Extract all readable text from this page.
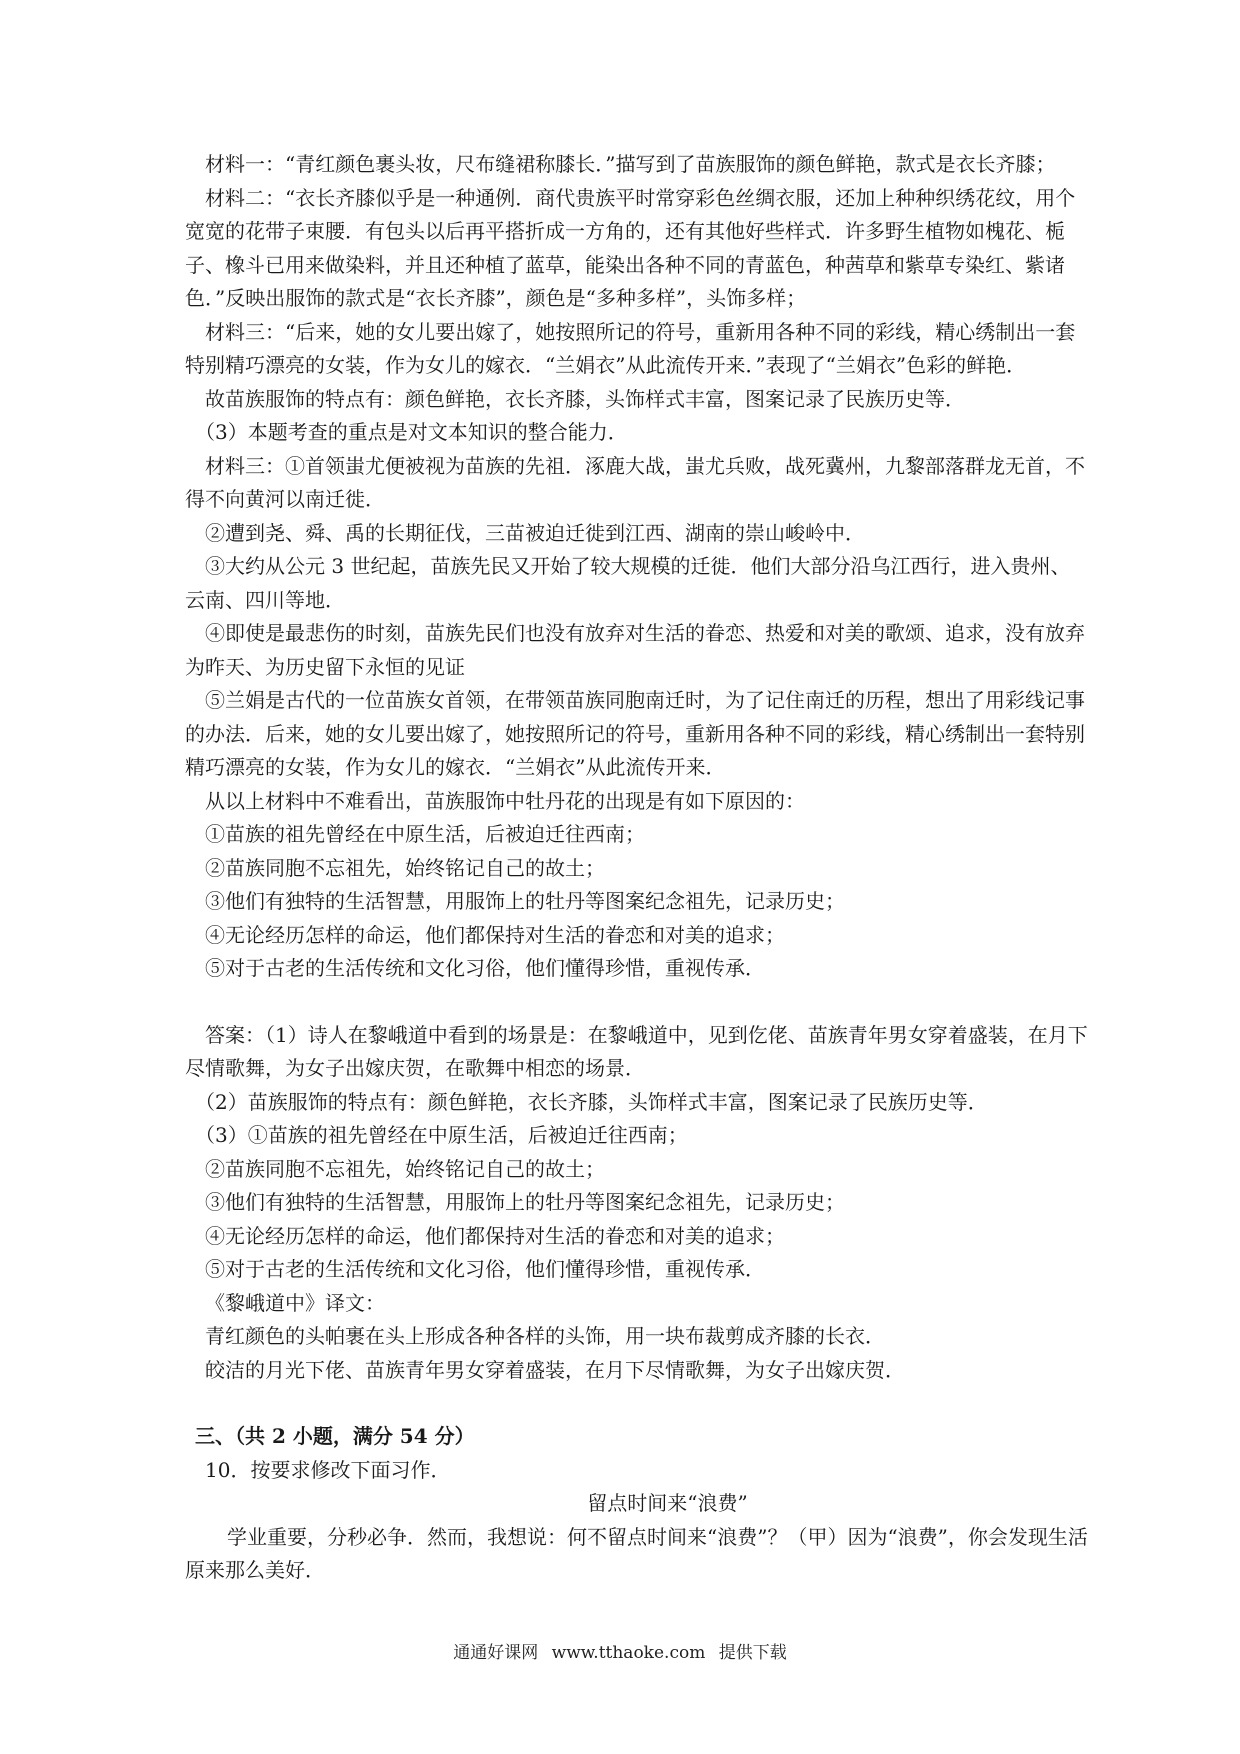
材料一：“青红颜色裹头妆，尺布缝裙称膝长．”描写到了苗族服饰的颜色鲜艳，款式是衣长齐膝；

材料二：“衣长齐膝似乎是一种通例．商代贵族平时常穿彩色丝绸衣服，还加上种种织绣花纹，用个宽宽的花带子束腰．有包头以后再平搭折成一方角的，还有其他好些样式．许多野生植物如槐花、栀子、橡斗已用来做染料，并且还种植了蓝草，能染出各种不同的青蓝色，种茜草和紫草专染红、紫诸色．”反映出服饰的款式是“衣长齐膝”，颜色是“多种多样”，头饰多样；

材料三：“后来，她的女儿要出嫁了，她按照所记的符号，重新用各种不同的彩线，精心绣制出一套特别精巧漂亮的女装，作为女儿的嫁衣．“兰娟衣”从此流传开来．”表现了“兰娟衣”色彩的鲜艳．

故苗族服饰的特点有：颜色鲜艳，衣长齐膝，头饰样式丰富，图案记录了民族历史等．

（3）本题考查的重点是对文本知识的整合能力．

材料三：①首领蚩尤便被视为苗族的先祖．涿鹿大战，蚩尤兵败，战死冀州，九黎部落群龙无首，不得不向黄河以南迁徙．

②遭到尧、舜、禹的长期征伐，三苗被迫迁徙到江西、湖南的崇山峻岭中．

③大约从公元 3 世纪起，苗族先民又开始了较大规模的迁徙．他们大部分沿乌江西行，进入贵州、云南、四川等地．

④即使是最悲伤的时刻，苗族先民们也没有放弃对生活的眷恋、热爱和对美的歌颂、追求，没有放弃为昨天、为历史留下永恒的见证

⑤兰娟是古代的一位苗族女首领，在带领苗族同胞南迁时，为了记住南迁的历程，想出了用彩线记事的办法．后来，她的女儿要出嫁了，她按照所记的符号，重新用各种不同的彩线，精心绣制出一套特别精巧漂亮的女装，作为女儿的嫁衣．“兰娟衣”从此流传开来．

从以上材料中不难看出，苗族服饰中牡丹花的出现是有如下原因的：

①苗族的祖先曾经在中原生活，后被迫迁往西南；

②苗族同胞不忘祖先，始终铭记自己的故土；

③他们有独特的生活智慧，用服饰上的牡丹等图案纪念祖先，记录历史；

④无论经历怎样的命运，他们都保持对生活的眷恋和对美的追求；

⑤对于古老的生活传统和文化习俗，他们懂得珍惜，重视传承．

答案：（1）诗人在黎峨道中看到的场景是：在黎峨道中，见到仡佬、苗族青年男女穿着盛装，在月下尽情歌舞，为女子出嫁庆贺，在歌舞中相恋的场景．

（2）苗族服饰的特点有：颜色鲜艳，衣长齐膝，头饰样式丰富，图案记录了民族历史等．

（3）①苗族的祖先曾经在中原生活，后被迫迁往西南；

②苗族同胞不忘祖先，始终铭记自己的故土；

③他们有独特的生活智慧，用服饰上的牡丹等图案纪念祖先，记录历史；

④无论经历怎样的命运，他们都保持对生活的眷恋和对美的追求；

⑤对于古老的生活传统和文化习俗，他们懂得珍惜，重视传承．

《黎峨道中》译文：

青红颜色的头帕裹在头上形成各种各样的头饰，用一块布裁剪成齐膝的长衣．

皎洁的月光下佬、苗族青年男女穿着盛装，在月下尽情歌舞，为女子出嫁庆贺．

三、（共 2 小题，满分 54 分）

10．按要求修改下面习作．

留点时间来“浪费”

学业重要，分秒必争．然而，我想说：何不留点时间来“浪费”？（甲）因为“浪费”，你会发现生活原来那么美好．

通通好课网 www.tthaoke.com 提供下载
